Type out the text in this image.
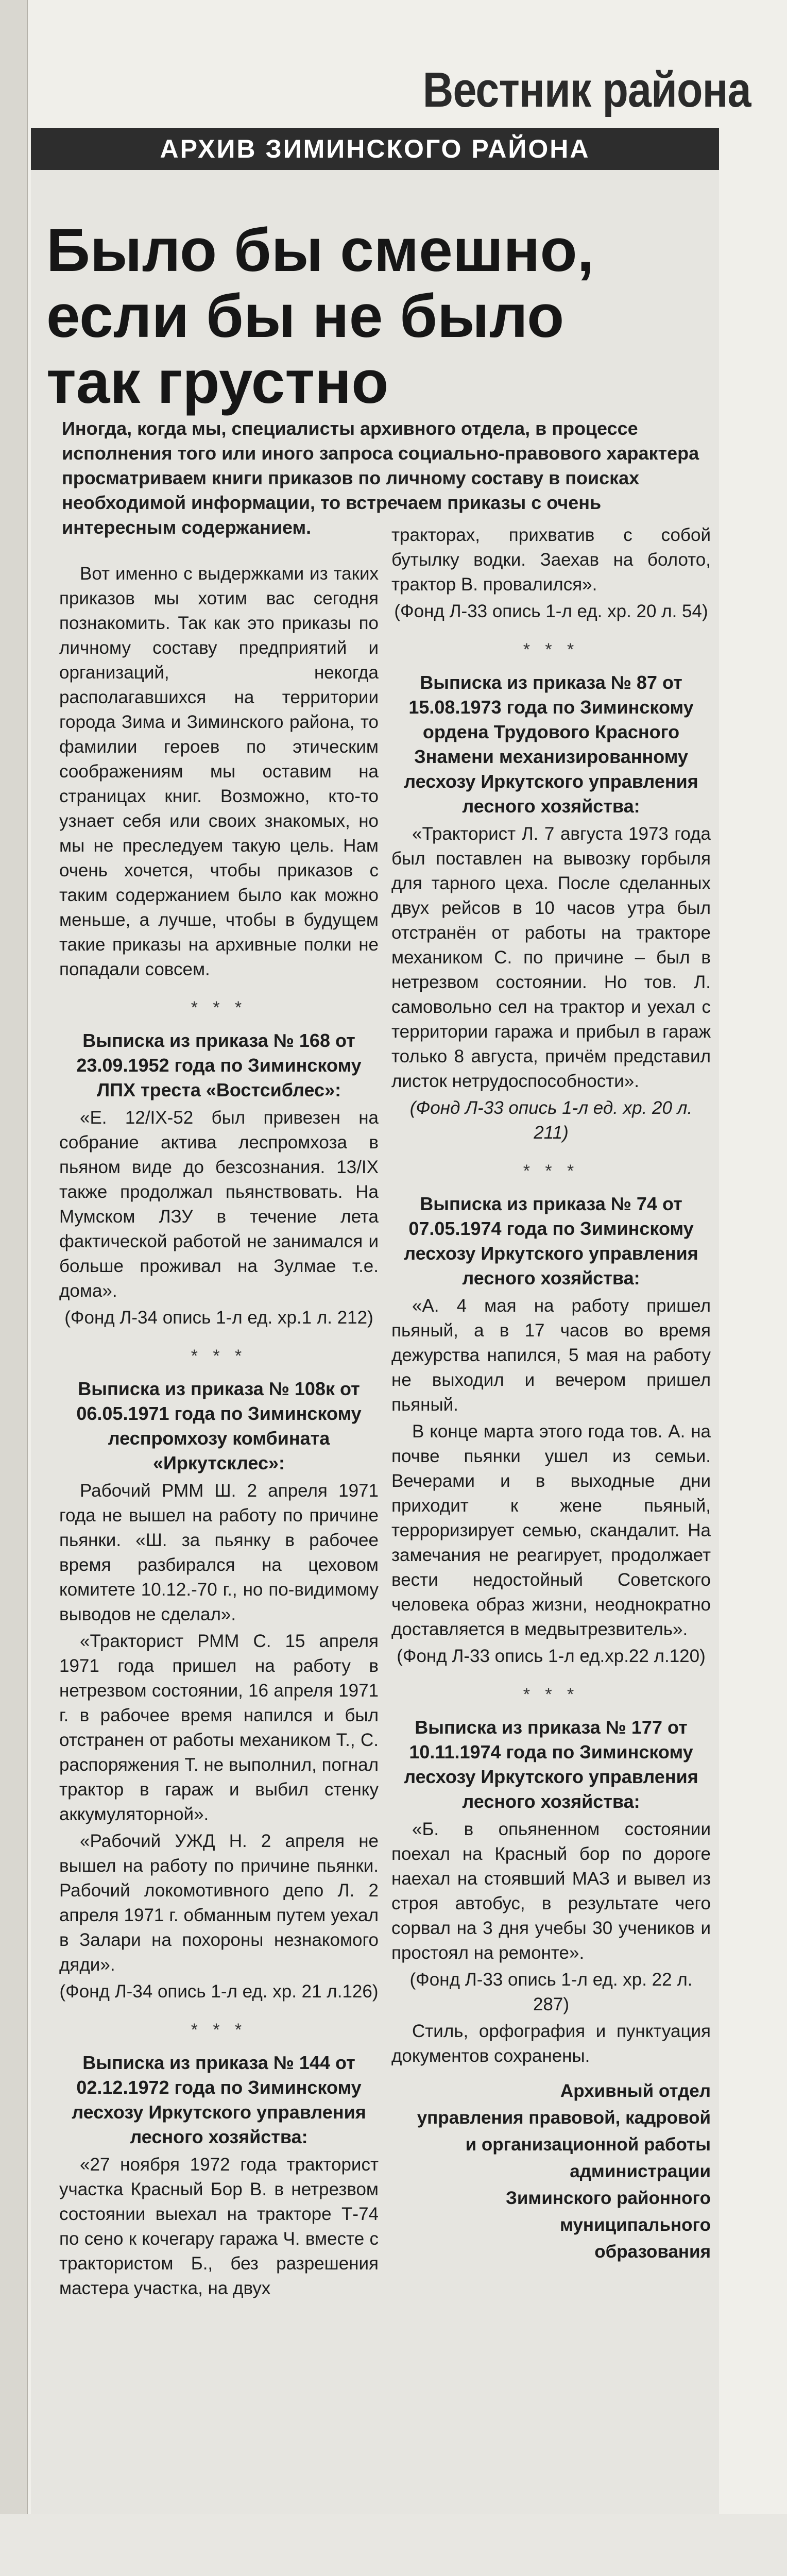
Вестник района
АРХИВ ЗИМИНСКОГО РАЙОНА
Было бы смешно,
если бы не было
так грустно

Иногда, когда мы, специалисты архивного отдела, в процессе исполнения того или иного запроса социально-правового характера просматриваем книги приказов по личному составу в поисках необходимой информации, то встречаем приказы с очень интересным содержанием.

Вот именно с выдержками из таких приказов мы хотим вас сегодня познакомить. Так как это приказы по личному составу предприятий и организаций, некогда располагавшихся на территории города Зима и Зиминского района, то фамилии героев по этическим соображениям мы оставим на страницах книг. Возможно, кто-то узнает себя или своих знакомых, но мы не преследуем такую цель. Нам очень хочется, чтобы приказов с таким содержанием было как можно меньше, а лучше, чтобы в будущем такие приказы на архивные полки не попадали совсем.

* * *

Выписка из приказа № 168 от 23.09.1952 года по Зиминскому ЛПХ треста «Востсиблес»:

«Е. 12/IX-52 был привезен на собрание актива леспромхоза в пьяном виде до безсознания. 13/IX также продолжал пьянствовать. На Мумском ЛЗУ в течение лета фактической работой не занимался и больше проживал на Зулмае т.е. дома».

(Фонд Л-34 опись 1-л ед. хр.1 л. 212)

* * *

Выписка из приказа № 108к от 06.05.1971 года по Зиминскому леспромхозу комбината «Иркутсклес»:

Рабочий РММ Ш. 2 апреля 1971 года не вышел на работу по причине пьянки. «Ш. за пьянку в рабочее время разбирался на цеховом комитете 10.12.-70 г., но по-видимому выводов не сделал».

«Тракторист РММ С. 15 апреля 1971 года пришел на работу в нетрезвом состоянии, 16 апреля 1971 г. в рабочее время напился и был отстранен от работы механиком Т., С. распоряжения Т. не выполнил, погнал трактор в гараж и выбил стенку аккумуляторной».

«Рабочий УЖД Н. 2 апреля не вышел на работу по причине пьянки. Рабочий локомотивного депо Л. 2 апреля 1971 г. обманным путем уехал в Залари на похороны незнакомого дяди».

(Фонд Л-34 опись 1-л ед. хр. 21 л.126)

* * *

Выписка из приказа № 144 от 02.12.1972 года по Зиминскому лесхозу Иркутского управления лесного хозяйства:

«27 ноября 1972 года тракторист участка Красный Бор В. в нетрезвом состоянии выехал на тракторе Т-74 по сено к кочегару гаража Ч. вместе с трактористом Б., без разрешения мастера участка, на двух

тракторах, прихватив с собой бутылку водки. Заехав на болото, трактор В. провалился».

(Фонд Л-33 опись 1-л ед. хр. 20 л. 54)

* * *

Выписка из приказа № 87 от 15.08.1973 года по Зиминскому ордена Трудового Красного Знамени механизированному лесхозу Иркутского управления лесного хозяйства:

«Тракторист Л. 7 августа 1973 года был поставлен на вывозку горбыля для тарного цеха. После сделанных двух рейсов в 10 часов утра был отстранён от работы на тракторе механиком С. по причине – был в нетрезвом состоянии. Но тов. Л. самовольно сел на трактор и уехал с территории гаража и прибыл в гараж только 8 августа, причём представил листок нетрудоспособности».

(Фонд Л-33 опись 1-л ед. хр. 20 л. 211)

* * *

Выписка из приказа № 74 от 07.05.1974 года по Зиминскому лесхозу Иркутского управления лесного хозяйства:

«А. 4 мая на работу пришел пьяный, а в 17 часов во время дежурства напился, 5 мая на работу не выходил и вечером пришел пьяный.

В конце марта этого года тов. А. на почве пьянки ушел из семьи. Вечерами и в выходные дни приходит к жене пьяный, терроризирует семью, скандалит. На замечания не реагирует, продолжает вести недостойный Советского человека образ жизни, неоднократно доставляется в медвытрезвитель».

(Фонд Л-33 опись 1-л ед.хр.22 л.120)

* * *

Выписка из приказа № 177 от 10.11.1974 года по Зиминскому лесхозу Иркутского управления лесного хозяйства:

«Б. в опьяненном состоянии поехал на Красный бор по дороге наехал на стоявший МАЗ и вывел из строя автобус, в результате чего сорвал на 3 дня учебы 30 учеников и простоял на ремонте».

(Фонд Л-33 опись 1-л ед. хр. 22 л. 287)

Стиль, орфография и пунктуация документов сохранены.

Архивный отдел
управления правовой, кадровой
и организационной работы
администрации
Зиминского районного
муниципального
образования
